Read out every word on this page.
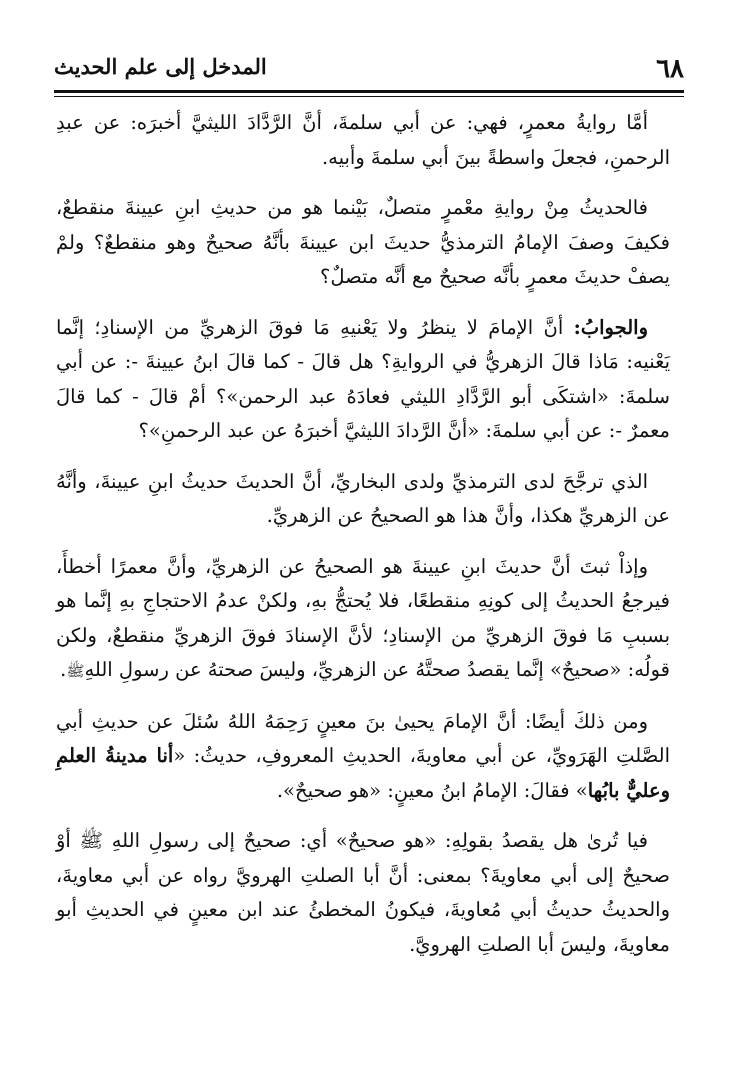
٦٨
المدخل إلى علم الحديث

أمَّا روايةُ معمرٍ، فهي: عن أبي سلمةَ، أنَّ الرَّدَّادَ الليثيَّ أخبرَه: عن عبدِ الرحمنِ، فجعلَ واسطةً بينَ أبي سلمةَ وأبيه.

فالحديثُ مِنْ روايةِ معْمرٍ متصلٌ، بَيْنما هو من حديثِ ابنِ عيينةَ منقطعٌ، فكيفَ وصفَ الإمامُ الترمذيُّ حديثَ ابن عيينةَ بأنَّهُ صحيحٌ وهو منقطعٌ؟ ولمْ يصفْ حديثَ معمرٍ بأنَّه صحيحٌ مع أنَّه متصلٌ؟

والجوابُ: أنَّ الإمامَ لا ينظرُ ولا يَعْنيهِ مَا فوقَ الزهريِّ من الإسنادِ؛ إنَّما يَعْنيه: مَاذا قالَ الزهريُّ في الروايةِ؟ هل قالَ - كما قالَ ابنُ عيينةَ -: عن أبي سلمةَ: «اشتكَى أبو الرَّدَّادِ الليثي فعادَهُ عبد الرحمن»؟ أمْ قالَ - كما قالَ معمرٌ -: عن أبي سلمةَ: «أنَّ الرَّدادَ الليثيَّ أخبرَهُ عن عبد الرحمنِ»؟

الذي ترجَّحَ لدى الترمذيِّ ولدى البخاريِّ، أنَّ الحديثَ حديثُ ابنِ عيينةَ، وأنَّهُ عن الزهريِّ هكذا، وأنَّ هذا هو الصحيحُ عن الزهريِّ.

وإذاْ ثبتَ أنَّ حديثَ ابنِ عيينةَ هو الصحيحُ عن الزهريِّ، وأنَّ معمرًا أخطأَ، فيرجعُ الحديثُ إلى كونِهِ منقطعًا، فلا يُحتجُّ بهِ، ولكنْ عدمُ الاحتجاجِ بهِ إنَّما هو بسببِ مَا فوقَ الزهريِّ من الإسنادِ؛ لأنَّ الإسنادَ فوقَ الزهريِّ منقطعٌ، ولكن قولُه: «صحيحٌ» إنَّما يقصدُ صحتَّهُ عن الزهريِّ، وليسَ صحتهُ عن رسولِ اللهِﷺ.

ومن ذلكَ أيضًا: أنَّ الإمامَ يحيىٰ بنَ معينٍ رَحِمَهُ اللهُ سُئلَ عن حديثِ أبي الصَّلتِ الهَرَويِّ، عن أبي معاويةَ، الحديثِ المعروفِ، حديثُ: «أنا مدينةُ العلمِ وعليٌّ بابُها» فقالَ: الإمامُ ابنُ معينٍ: «هو صحيحٌ».

فيا تُرىٰ هل يقصدُ بقولِهِ: «هو صحيحٌ» أي: صحيحٌ إلى رسولِ اللهِ ﷺ أوْ صحيحٌ إلى أبي معاويةَ؟ بمعنى: أنَّ أبا الصلتِ الهرويَّ رواه عن أبي معاويةَ، والحديثُ حديثُ أبي مُعاويةَ، فيكونُ المخطئُ عند ابن معينٍ في الحديثِ أبو معاويةَ، وليسَ أبا الصلتِ الهرويَّ.
